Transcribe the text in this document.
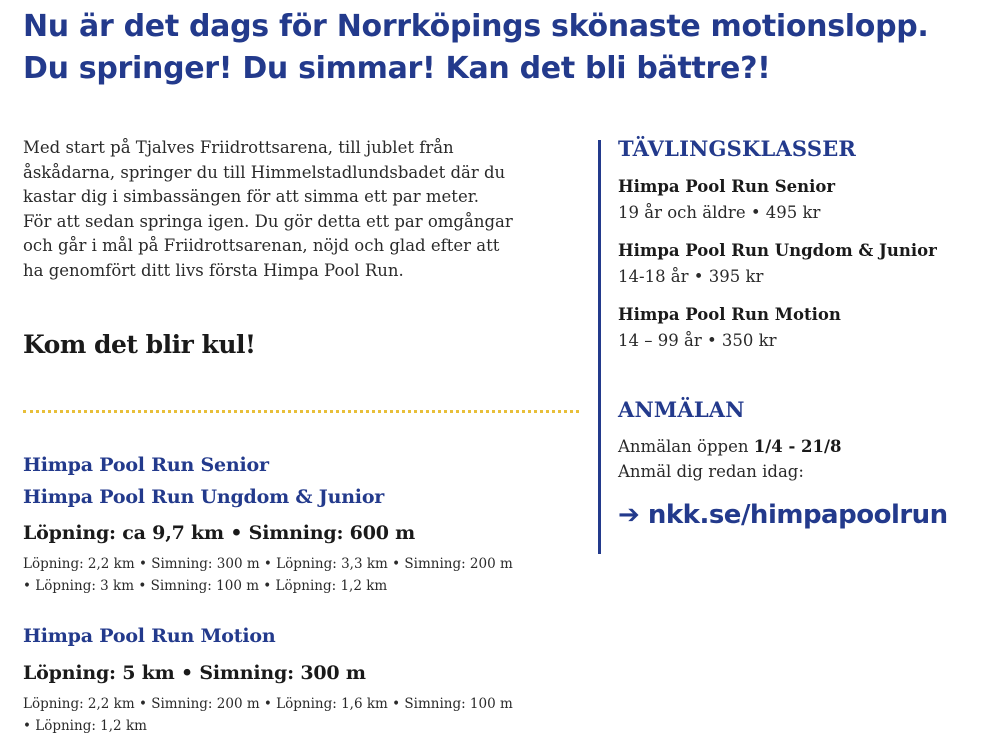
Nu är det dags för Norrköpings skönaste motionslopp.
Du springer! Du simmar! Kan det bli bättre?!
Med start på Tjalves Friidrottsarena, till jublet från
åskådarna, springer du till Himmelstadlundsbadet där du
kastar dig i simbassängen för att simma ett par meter.
För att sedan springa igen. Du gör detta ett par omgångar
och går i mål på Friidrottsarenan, nöjd och glad efter att
ha genomfört ditt livs första Himpa Pool Run.
Kom det blir kul!
Himpa Pool Run Senior
Himpa Pool Run Ungdom & Junior
Löpning: ca 9,7 km • Simning: 600 m
Löpning: 2,2 km • Simning: 300 m • Löpning: 3,3 km • Simning: 200 m
• Löpning: 3 km • Simning: 100 m • Löpning: 1,2 km
Himpa Pool Run Motion
Löpning: 5 km • Simning: 300 m
Löpning: 2,2 km • Simning: 200 m • Löpning: 1,6 km • Simning: 100 m
• Löpning: 1,2 km
TÄVLINGSKLASSER
Himpa Pool Run Senior
19 år och äldre • 495 kr
Himpa Pool Run Ungdom & Junior
14-18 år • 395 kr
Himpa Pool Run Motion
14 – 99 år • 350 kr
ANMÄLAN
Anmälan öppen 1/4 - 21/8
Anmäl dig redan idag:
➔ nkk.se/himpapoolrun
